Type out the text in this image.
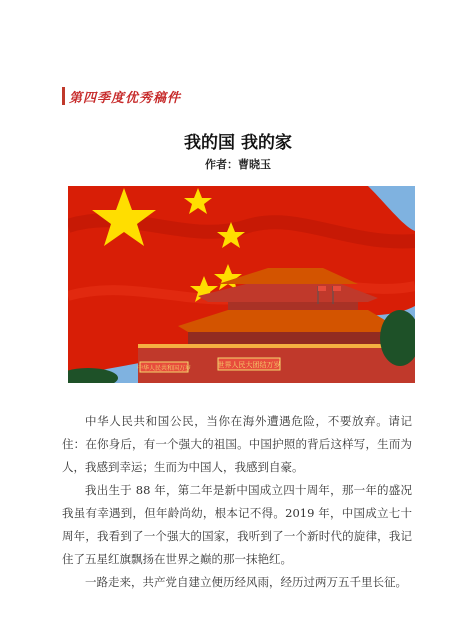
第四季度优秀稿件
我的国 我的家
作者：曹晓玉
世界人民大团结万岁
中华人民共和国万岁

中华人民共和国公民，当你在海外遭遇危险，不要放弃。请记住：在你身后，有一个强大的祖国。中国护照的背后这样写，生而为人，我感到幸运；生而为中国人，我感到自豪。

我出生于 88 年，第二年是新中国成立四十周年，那一年的盛况我虽有幸遇到，但年龄尚幼，根本记不得。2019 年，中国成立七十周年，我看到了一个强大的国家，我听到了一个新时代的旋律，我记住了五星红旗飘扬在世界之巅的那一抹艳红。

一路走来，共产党自建立便历经风雨，经历过两万五千里长征。
